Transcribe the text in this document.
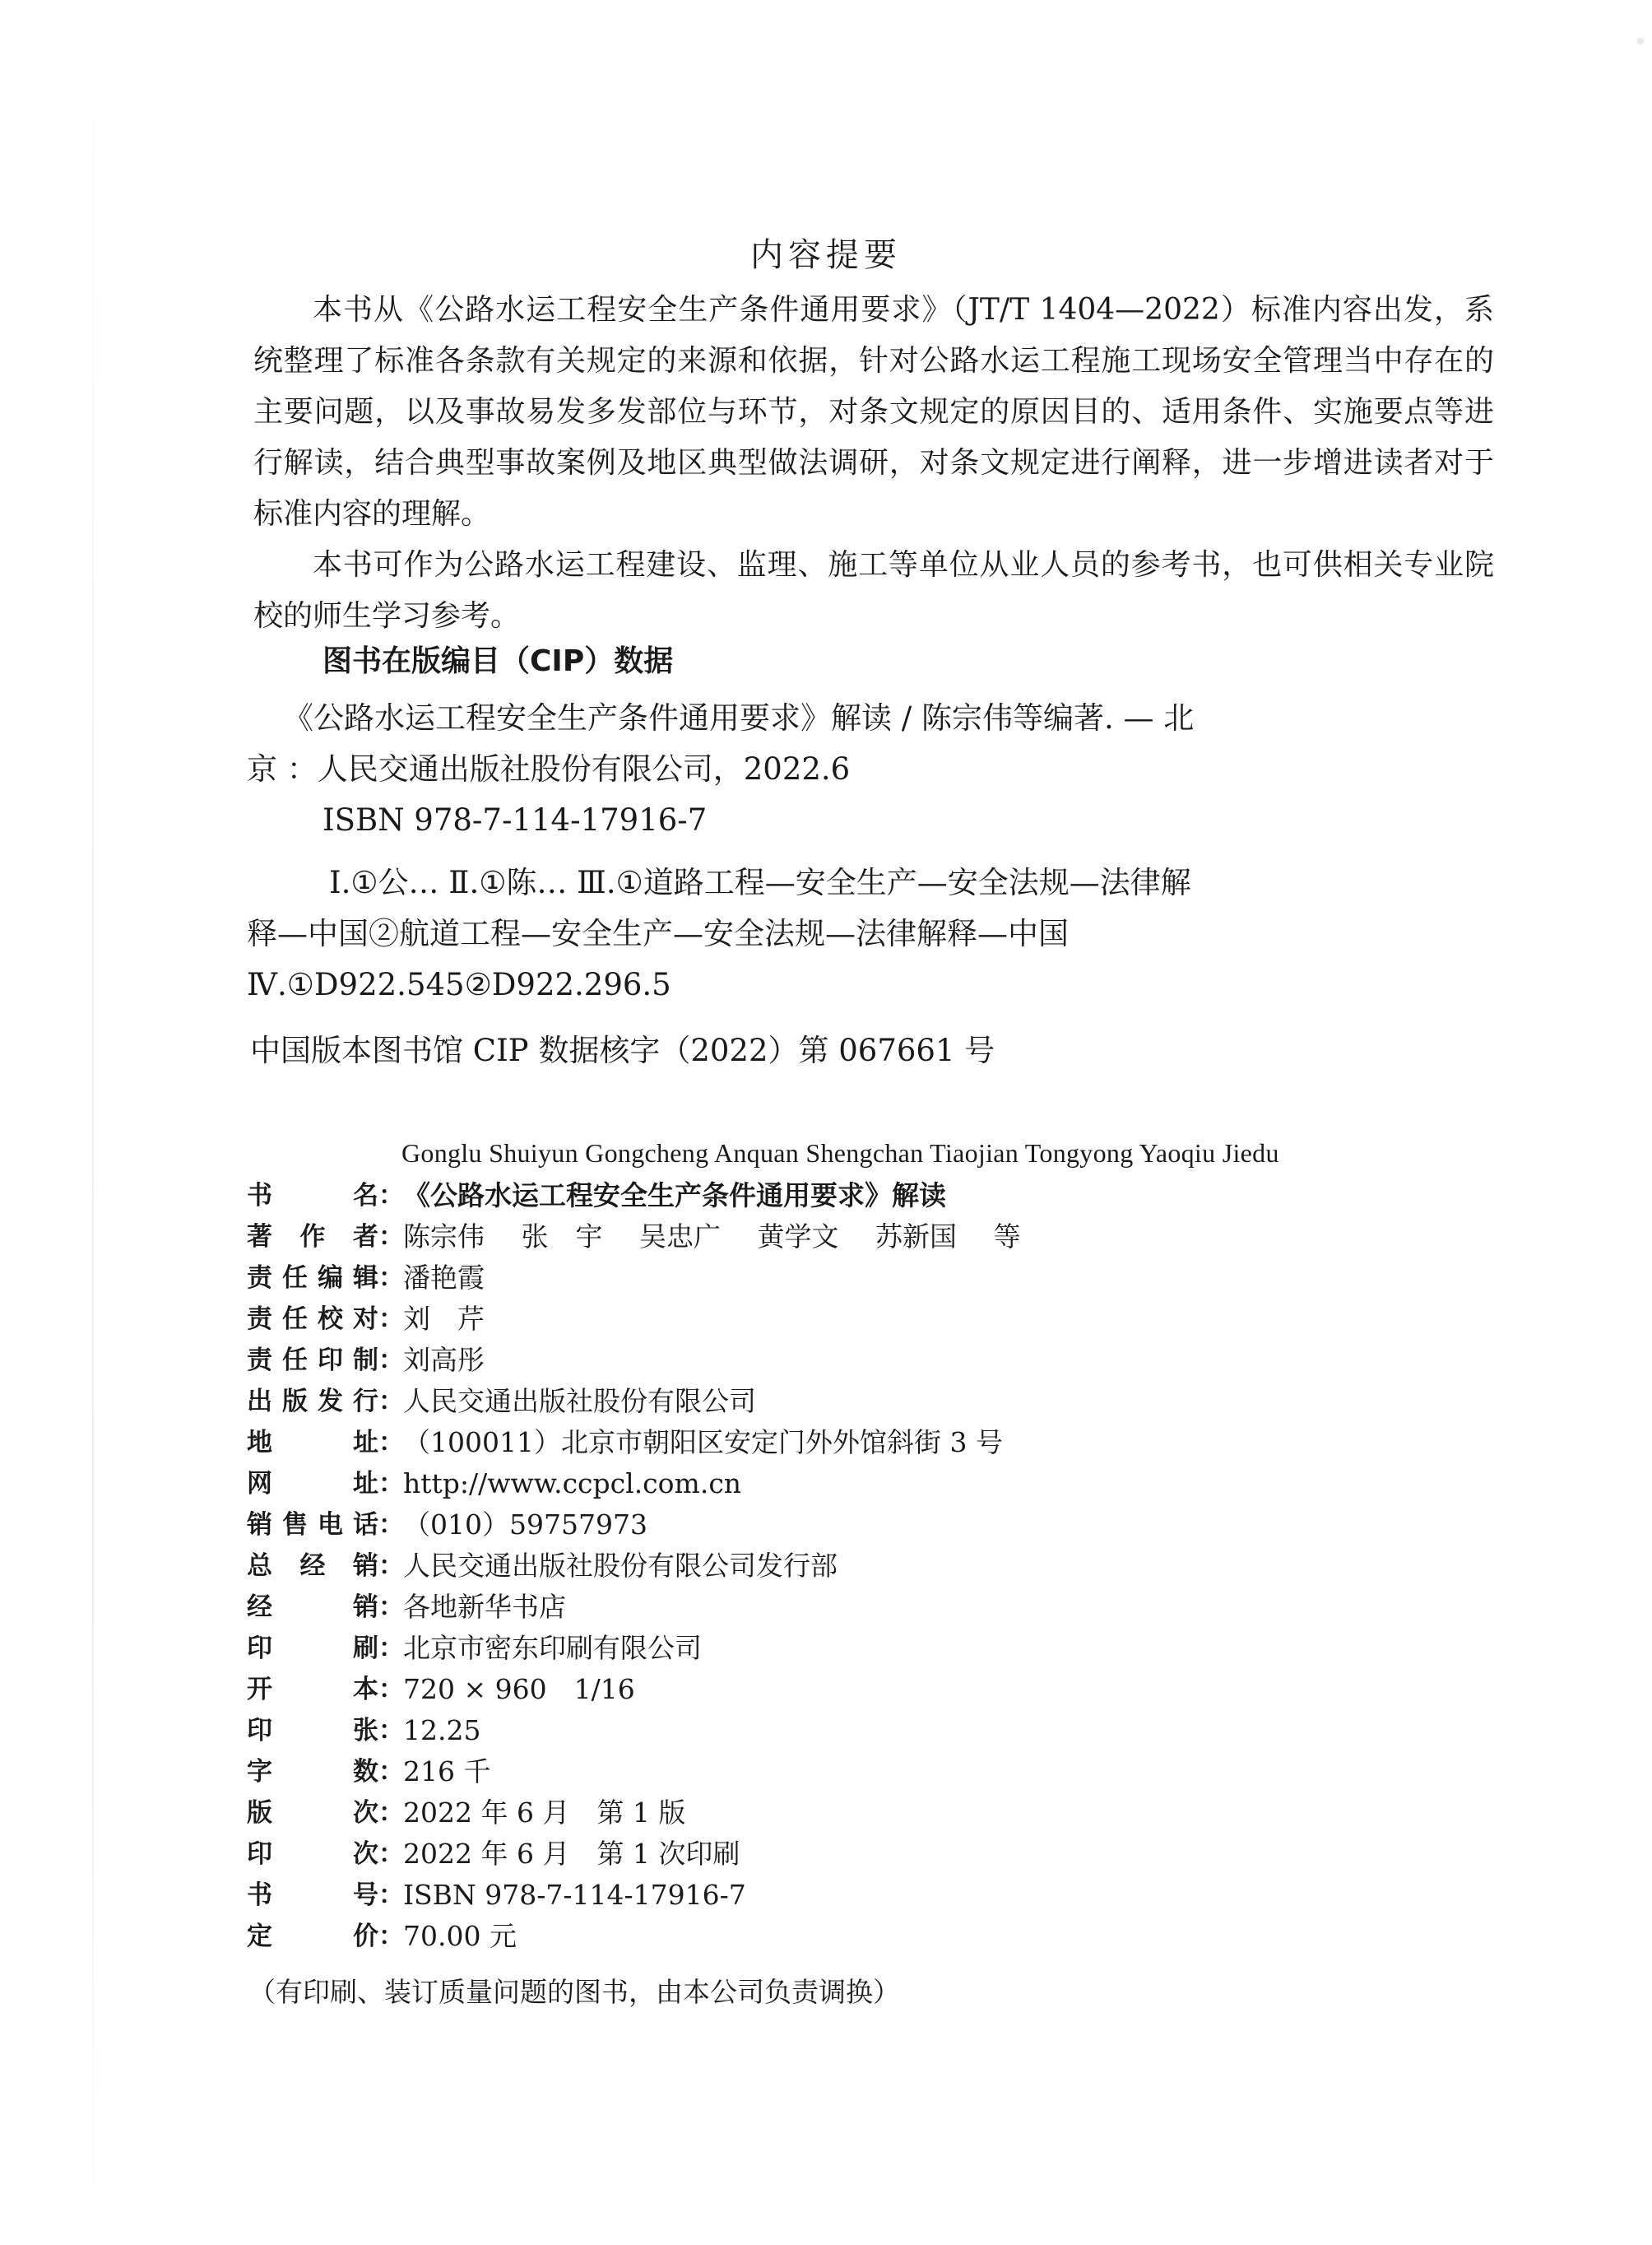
内容提要

本书从《公路水运工程安全生产条件通用要求》（JT/T 1404—2022）标准内容出发，系统整理了标准各条款有关规定的来源和依据，针对公路水运工程施工现场安全管理当中存在的主要问题，以及事故易发多发部位与环节，对条文规定的原因目的、适用条件、实施要点等进行解读，结合典型事故案例及地区典型做法调研，对条文规定进行阐释，进一步增进读者对于标准内容的理解。

本书可作为公路水运工程建设、监理、施工等单位从业人员的参考书，也可供相关专业院校的师生学习参考。

图书在版编目（CIP）数据

《公路水运工程安全生产条件通用要求》解读 / 陈宗伟等编著. — 北京 ：人民交通出版社股份有限公司，2022.6

ISBN 978-7-114-17916-7

Ⅰ.①公… Ⅱ.①陈… Ⅲ.①道路工程—安全生产—安全法规—法律解释—中国②航道工程—安全生产—安全法规—法律解释—中国 Ⅳ.①D922.545②D922.296.5

中国版本图书馆 CIP 数据核字（2022）第 067661 号

Gonglu Shuiyun Gongcheng Anquan Shengchan Tiaojian Tongyong Yaoqiu Jiedu
书名 ： 《公路水运工程安全生产条件通用要求》解读
著作者 ： 陈宗伟 张　宇 吴忠广 黄学文 苏新国 等
责任编辑 ： 潘艳霞
责任校对 ： 刘　芹
责任印制 ： 刘高彤
出版发行 ： 人民交通出版社股份有限公司
地址 ： （100011）北京市朝阳区安定门外外馆斜街 3 号
网址 ： http://www.ccpcl.com.cn
销售电话 ： （010）59757973
总经销 ： 人民交通出版社股份有限公司发行部
经销 ： 各地新华书店
印刷 ： 北京市密东印刷有限公司
开本 ： 720 × 960　1/16
印张 ： 12.25
字数 ： 216 千
版次 ： 2022 年 6 月　第 1 版
印次 ： 2022 年 6 月　第 1 次印刷
书号 ： ISBN 978-7-114-17916-7
定价 ： 70.00 元
（有印刷、装订质量问题的图书，由本公司负责调换）
